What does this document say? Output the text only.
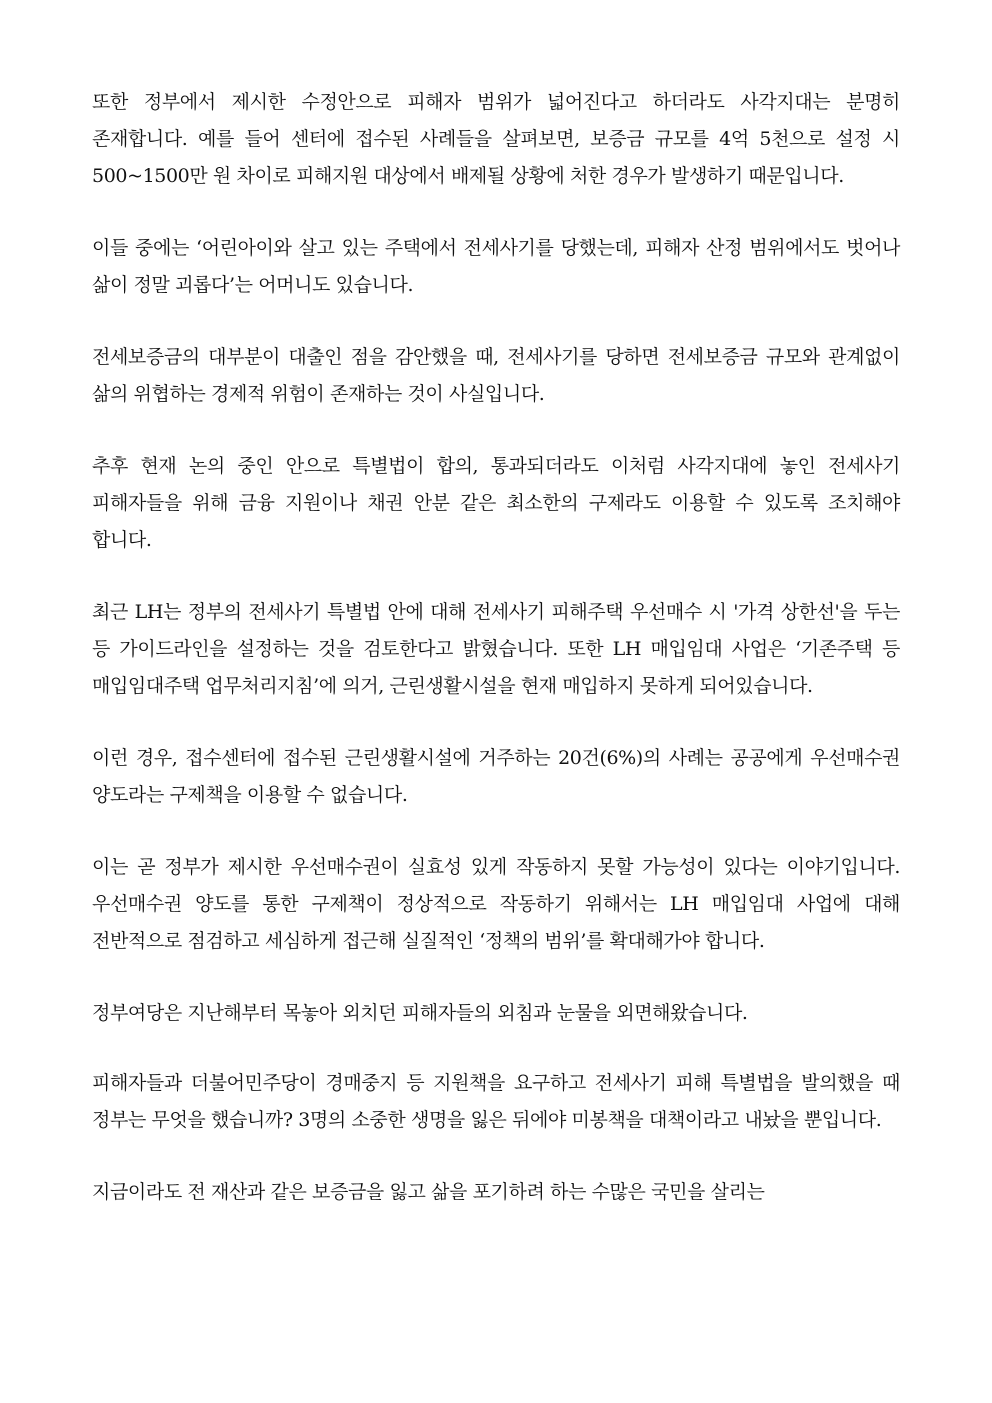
또한 정부에서 제시한 수정안으로 피해자 범위가 넓어진다고 하더라도 사각지대는 분명히 존재합니다. 예를 들어 센터에 접수된 사례들을 살펴보면, 보증금 규모를 4억 5천으로 설정 시 500~1500만 원 차이로 피해지원 대상에서 배제될 상황에 처한 경우가 발생하기 때문입니다.

이들 중에는 ‘어린아이와 살고 있는 주택에서 전세사기를 당했는데, 피해자 산정 범위에서도 벗어나 삶이 정말 괴롭다’는 어머니도 있습니다.

전세보증금의 대부분이 대출인 점을 감안했을 때, 전세사기를 당하면 전세보증금 규모와 관계없이 삶의 위협하는 경제적 위험이 존재하는 것이 사실입니다.

추후 현재 논의 중인 안으로 특별법이 합의, 통과되더라도 이처럼 사각지대에 놓인 전세사기 피해자들을 위해 금융 지원이나 채권 안분 같은 최소한의 구제라도 이용할 수 있도록 조치해야 합니다.

최근 LH는 정부의 전세사기 특별법 안에 대해 전세사기 피해주택 우선매수 시 '가격 상한선'을 두는 등 가이드라인을 설정하는 것을 검토한다고 밝혔습니다. 또한 LH 매입임대 사업은 ‘기존주택 등 매입임대주택 업무처리지침’에 의거, 근린생활시설을 현재 매입하지 못하게 되어있습니다.

이런 경우, 접수센터에 접수된 근린생활시설에 거주하는 20건(6%)의 사례는 공공에게 우선매수권 양도라는 구제책을 이용할 수 없습니다.

이는 곧 정부가 제시한 우선매수권이 실효성 있게 작동하지 못할 가능성이 있다는 이야기입니다. 우선매수권 양도를 통한 구제책이 정상적으로 작동하기 위해서는 LH 매입임대 사업에 대해 전반적으로 점검하고 세심하게 접근해 실질적인 ‘정책의 범위’를 확대해가야 합니다.

정부여당은 지난해부터 목놓아 외치던 피해자들의 외침과 눈물을 외면해왔습니다.

피해자들과 더불어민주당이 경매중지 등 지원책을 요구하고 전세사기 피해 특별법을 발의했을 때 정부는 무엇을 했습니까? 3명의 소중한 생명을 잃은 뒤에야 미봉책을 대책이라고 내놨을 뿐입니다.

지금이라도 전 재산과 같은 보증금을 잃고 삶을 포기하려 하는 수많은 국민을 살리는
